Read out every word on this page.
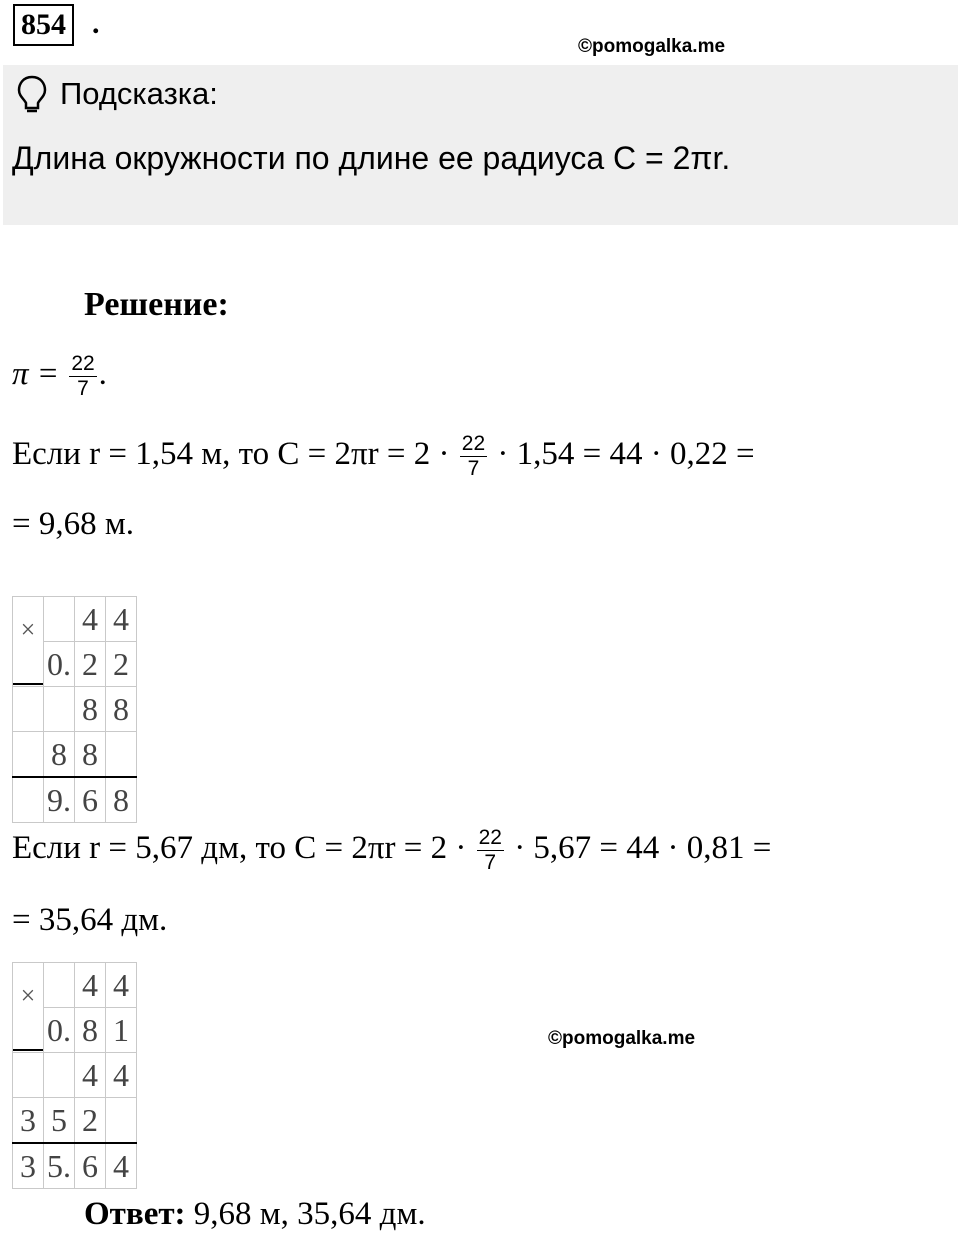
854 .
©pomogalka.me
Подсказка:
Длина окружности по длине ее радиуса C = 2πr.
Решение:
$\pi = \frac{22}{7}$ .
Если r = 1,54 м, то $C = 2\pi r = 2 \cdot \frac{22}{7} \cdot 1,54 = 44 \cdot 0,22$ =
= 9,68 м.
×		4	4
	0.	2	2
		8	8
	8	8	
	9.	6	8
Если r = 5,67 дм, то $C = 2\pi r = 2 \cdot \frac{22}{7} \cdot 5,67 = 44 \cdot 0,81$ =
= 35,64 дм.
×		4	4
	0.	8	1
		4	4
3	5	2	
3	5.	6	4
©pomogalka.me
Ответ: 9,68 м, 35,64 дм.
